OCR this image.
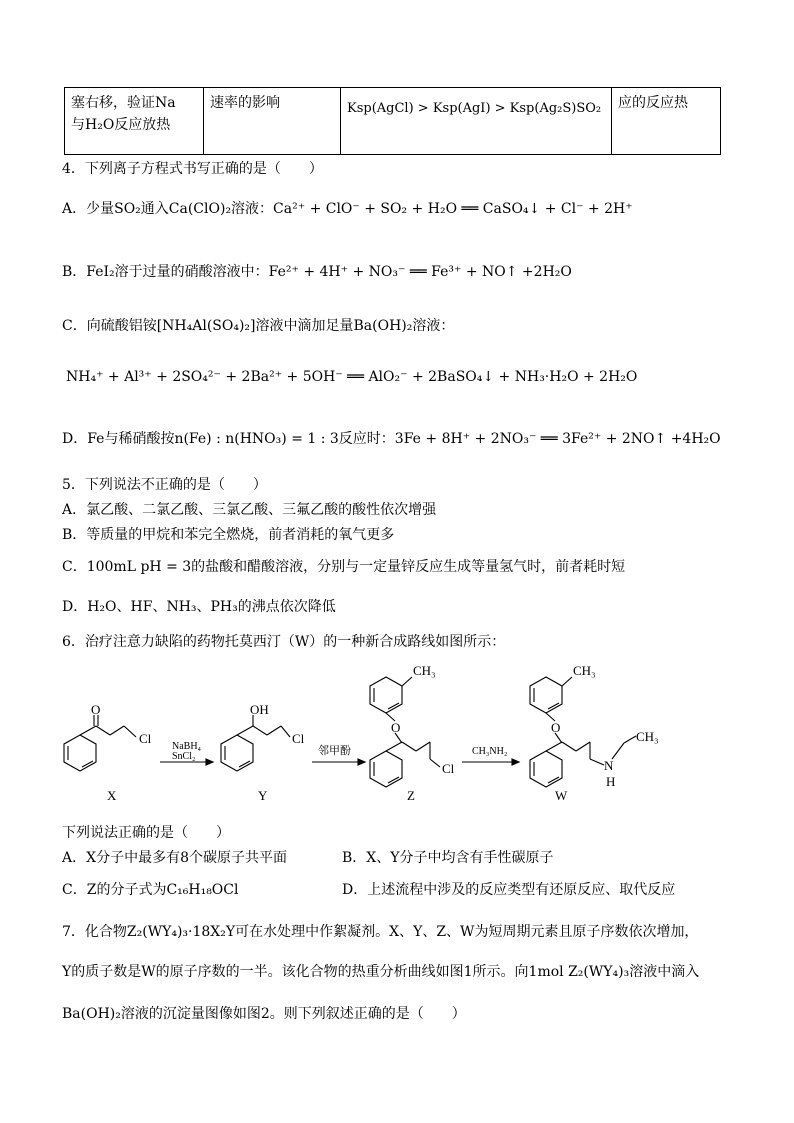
塞右移，验证Na
与H₂O反应放热
	速率的影响	Ksp(AgCl) > Ksp(AgI) > Ksp(Ag₂S)SO₂	应的反应热
4．下列离子方程式书写正确的是（　　）
A．少量SO₂通入Ca(ClO)₂溶液：Ca²⁺ + ClO⁻ + SO₂ + H₂O ══ CaSO₄↓ + Cl⁻ + 2H⁺
B．FeI₂溶于过量的硝酸溶液中：Fe²⁺ + 4H⁺ + NO₃⁻ ══ Fe³⁺ + NO↑ +2H₂O
C．向硫酸铝铵[NH₄Al(SO₄)₂]溶液中滴加足量Ba(OH)₂溶液：
NH₄⁺ + Al³⁺ + 2SO₄²⁻ + 2Ba²⁺ + 5OH⁻ ══ AlO₂⁻ + 2BaSO₄↓ + NH₃·H₂O + 2H₂O
D．Fe与稀硝酸按n(Fe) : n(HNO₃) = 1 : 3反应时：3Fe + 8H⁺ + 2NO₃⁻ ══ 3Fe²⁺ + 2NO↑ +4H₂O
5．下列说法不正确的是（　　）
A．氯乙酸、二氯乙酸、三氯乙酸、三氟乙酸的酸性依次增强
B．等质量的甲烷和苯完全燃烧，前者消耗的氧气更多
C．100mL pH = 3的盐酸和醋酸溶液，分别与一定量锌反应生成等量氢气时，前者耗时短
D．H₂O、HF、NH₃、PH₃的沸点依次降低
6．治疗注意力缺陷的药物托莫西汀（W）的一种新合成路线如图所示：
O
Cl
X
NaBH₄
SnCl₂
OH
Cl
Y
邻甲酚
CH₃
O
Cl
Z
CH₃NH₂
CH₃
O
N
H
CH₃
W
下列说法正确的是（　　）
A．X分子中最多有8个碳原子共平面	B．X、Y分子中均含有手性碳原子
C．Z的分子式为C₁₆H₁₈OCl	D．上述流程中涉及的反应类型有还原反应、取代反应
7．化合物Z₂(WY₄)₃·18X₂Y可在水处理中作絮凝剂。X、Y、Z、W为短周期元素且原子序数依次增加，
Y的质子数是W的原子序数的一半。该化合物的热重分析曲线如图1所示。向1mol Z₂(WY₄)₃溶液中滴入
Ba(OH)₂溶液的沉淀量图像如图2。则下列叙述正确的是（　　）
